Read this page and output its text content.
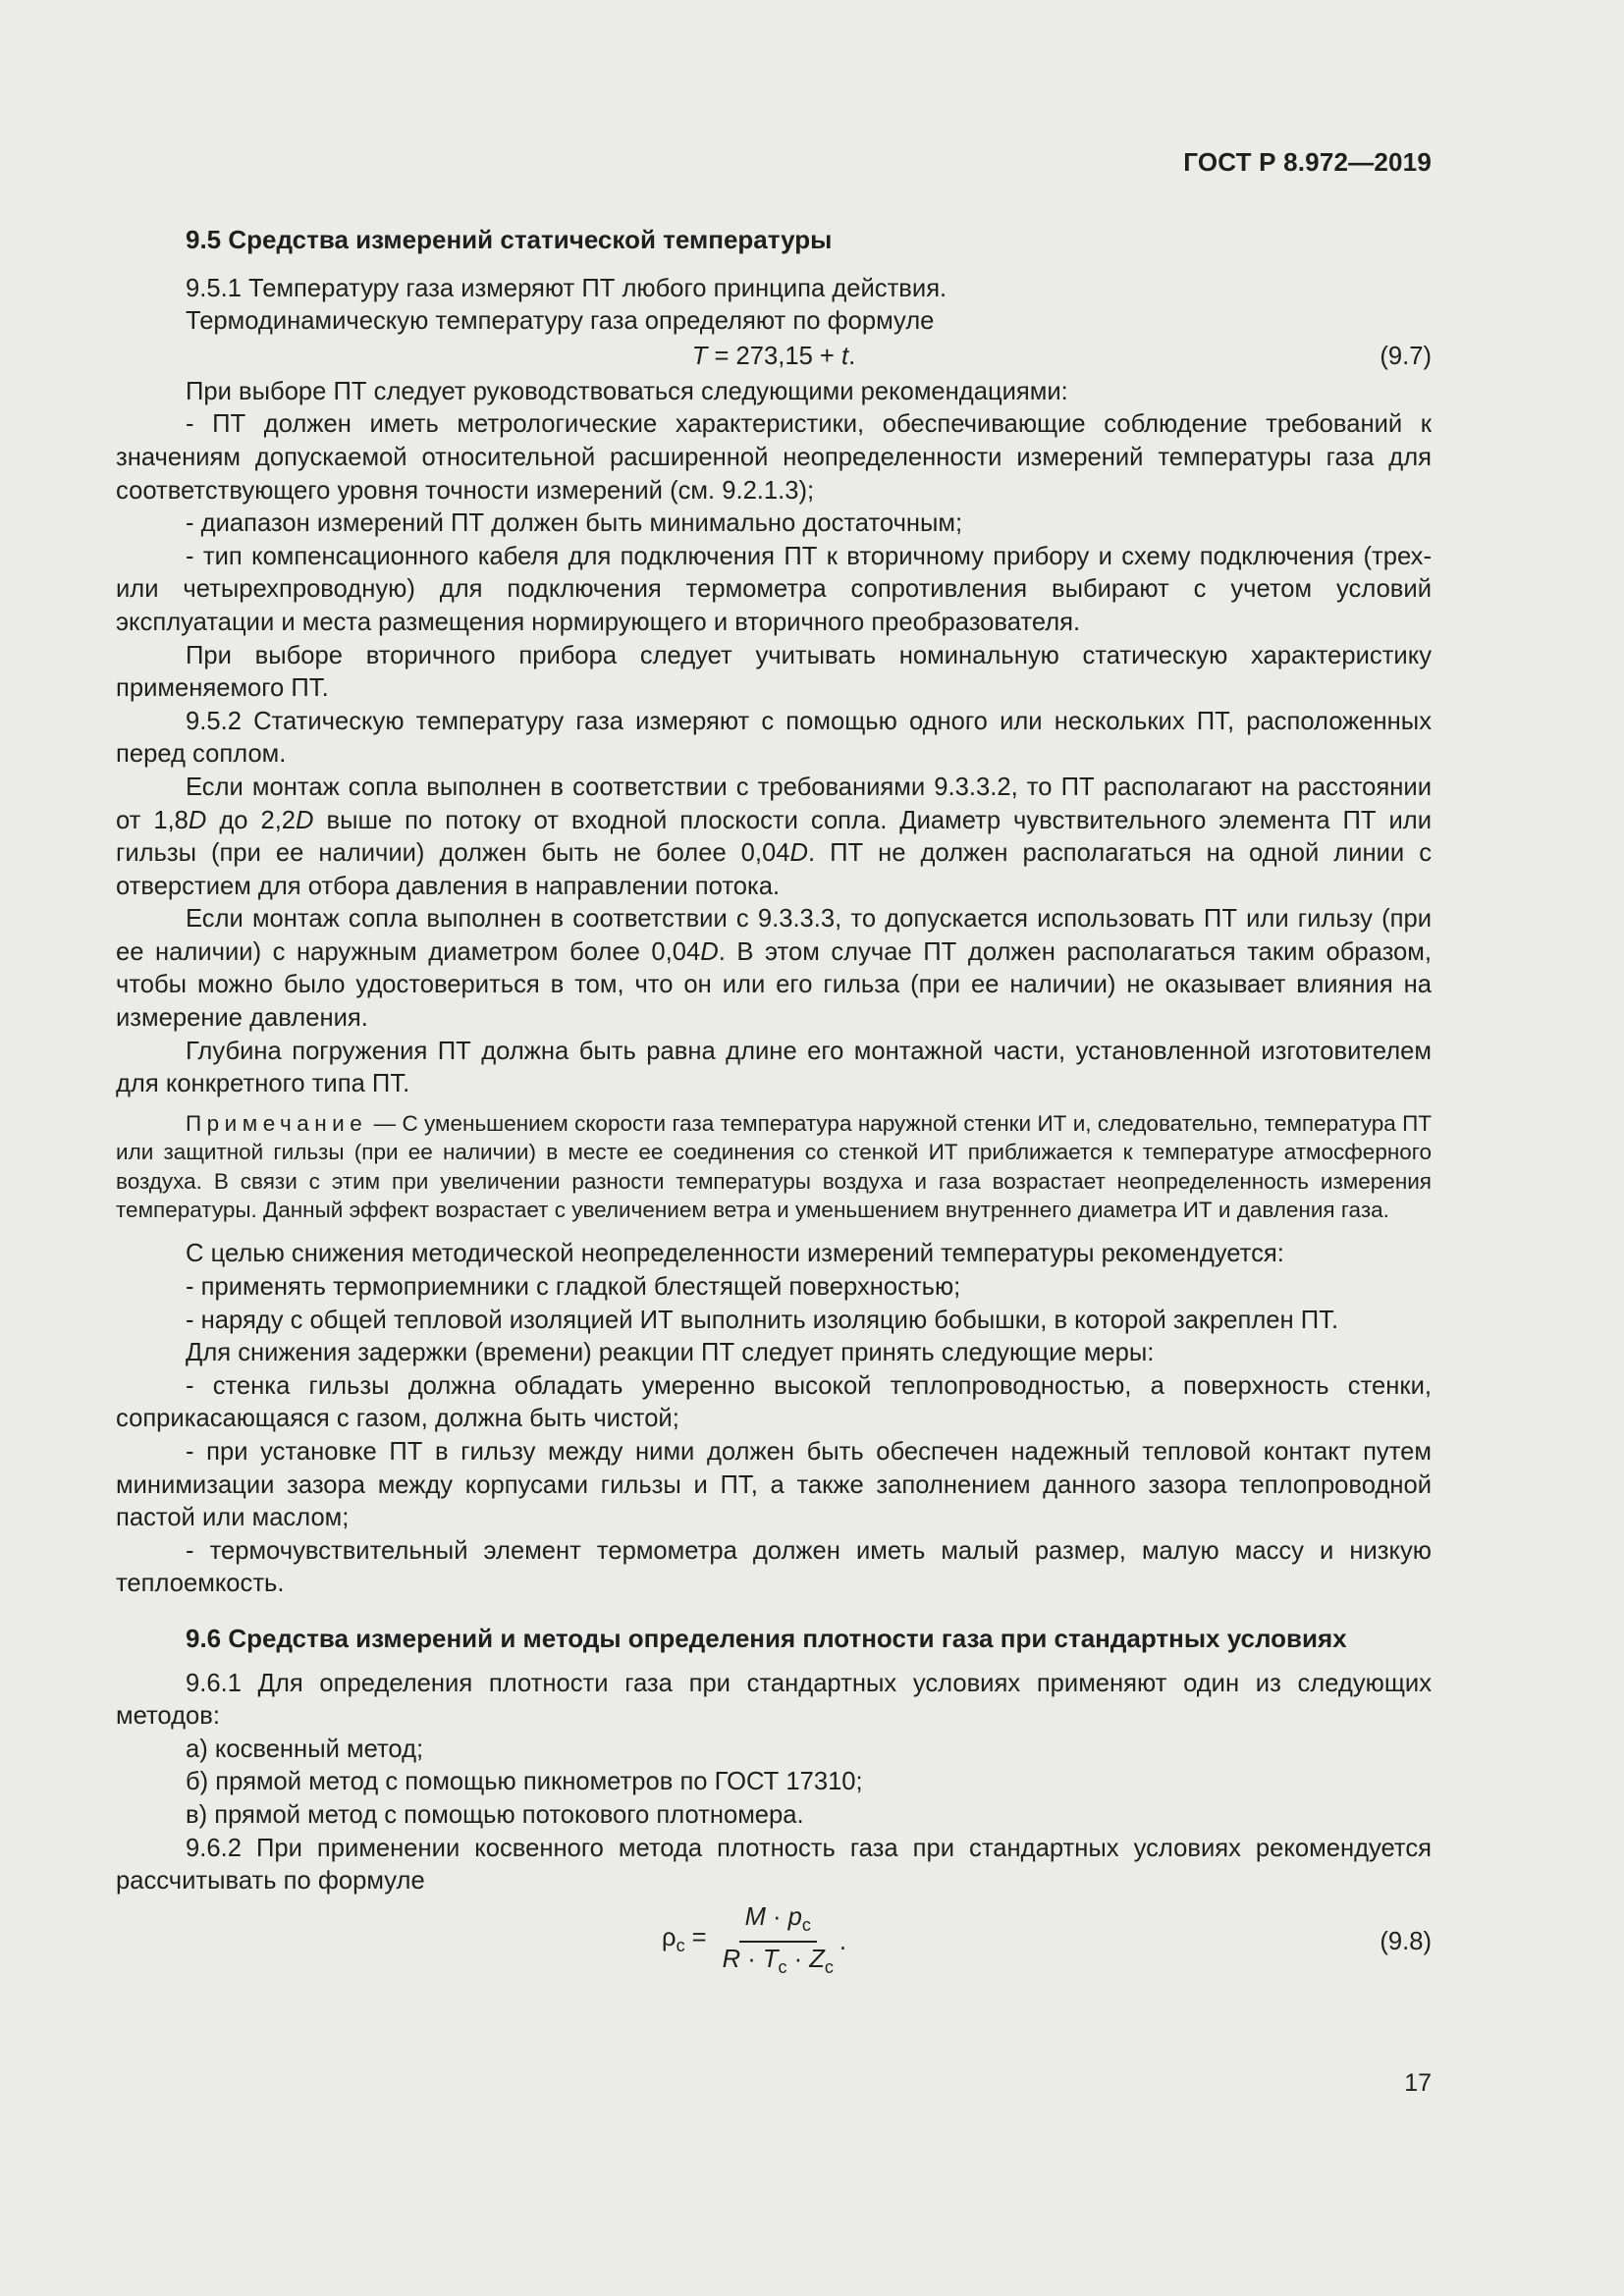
ГОСТ Р 8.972—2019
9.5 Средства измерений статической температуры

9.5.1 Температуру газа измеряют ПТ любого принципа действия.

Термодинамическую температуру газа определяют по формуле

T = 273,15 + t.	(9.7)

При выборе ПТ следует руководствоваться следующими рекомендациями:

- ПТ должен иметь метрологические характеристики, обеспечивающие соблюдение требований к значениям допускаемой относительной расширенной неопределенности измерений температуры газа для соответствующего уровня точности измерений (см. 9.2.1.3);

- диапазон измерений ПТ должен быть минимально достаточным;

- тип компенсационного кабеля для подключения ПТ к вторичному прибору и схему подключения (трех- или четырехпроводную) для подключения термометра сопротивления выбирают с учетом условий эксплуатации и места размещения нормирующего и вторичного преобразователя.

При выборе вторичного прибора следует учитывать номинальную статическую характеристику применяемого ПТ.

9.5.2 Статическую температуру газа измеряют с помощью одного или нескольких ПТ, расположенных перед соплом.

Если монтаж сопла выполнен в соответствии с требованиями 9.3.3.2, то ПТ располагают на расстоянии от 1,8D до 2,2D выше по потоку от входной плоскости сопла. Диаметр чувствительного элемента ПТ или гильзы (при ее наличии) должен быть не более 0,04D. ПТ не должен располагаться на одной линии с отверстием для отбора давления в направлении потока.

Если монтаж сопла выполнен в соответствии с 9.3.3.3, то допускается использовать ПТ или гильзу (при ее наличии) с наружным диаметром более 0,04D. В этом случае ПТ должен располагаться таким образом, чтобы можно было удостовериться в том, что он или его гильза (при ее наличии) не оказывает влияния на измерение давления.

Глубина погружения ПТ должна быть равна длине его монтажной части, установленной изготовителем для конкретного типа ПТ.

Примечание — С уменьшением скорости газа температура наружной стенки ИТ и, следовательно, температура ПТ или защитной гильзы (при ее наличии) в месте ее соединения со стенкой ИТ приближается к температуре атмосферного воздуха. В связи с этим при увеличении разности температуры воздуха и газа возрастает неопределенность измерения температуры. Данный эффект возрастает с увеличением ветра и уменьшением внутреннего диаметра ИТ и давления газа.

С целью снижения методической неопределенности измерений температуры рекомендуется:

- применять термоприемники с гладкой блестящей поверхностью;

- наряду с общей тепловой изоляцией ИТ выполнить изоляцию бобышки, в которой закреплен ПТ.

Для снижения задержки (времени) реакции ПТ следует принять следующие меры:

- стенка гильзы должна обладать умеренно высокой теплопроводностью, а поверхность стенки, соприкасающаяся с газом, должна быть чистой;

- при установке ПТ в гильзу между ними должен быть обеспечен надежный тепловой контакт путем минимизации зазора между корпусами гильзы и ПТ, а также заполнением данного зазора теплопроводной пастой или маслом;

- термочувствительный элемент термометра должен иметь малый размер, малую массу и низкую теплоемкость.

9.6 Средства измерений и методы определения плотности газа при стандартных условиях

9.6.1 Для определения плотности газа при стандартных условиях применяют один из следующих методов:

а) косвенный метод;

б) прямой метод с помощью пикнометров по ГОСТ 17310;

в) прямой метод с помощью потокового плотномера.

9.6.2 При применении косвенного метода плотность газа при стандартных условиях рекомендуется рассчитывать по формуле

$\rho_с = \frac{M \cdot p_с}{R \cdot T_с \cdot Z_с}$ .	(9.8)
17
